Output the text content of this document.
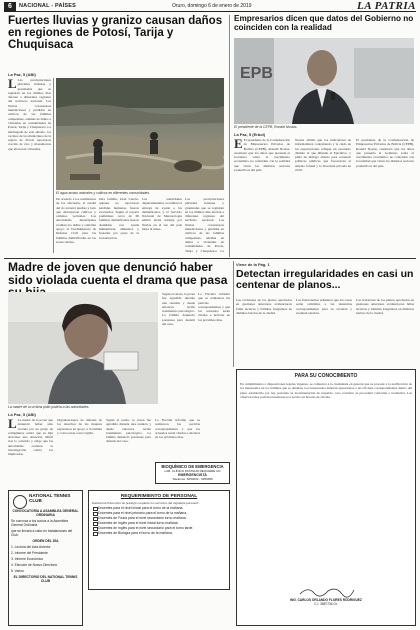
6	NACIONAL - PAÍSES	Oruro, domingo 6 de enero de 2019	LA PATRIA
Fuertes lluvias y granizo causan daños en regiones de Potosí, Tarija y Chuquisaca
La Paz, 5 (ABI)
L Las precipitaciones pluviales intensas y granizadas que se registran en los últimos días afectan a diferentes regiones del territorio nacional. Las lluvias ocasionaron inundaciones y pérdidas en cultivos de las familias campesinas, además de daños a viviendas en comunidades de Potosí, Tarija y Chuquisaca. La madrugada de este sábado, los vecinos de los municipios de la región de Potosí reportaron crecida de ríos y mazamorras que afectaron viviendas.
El agua arrasó animales y cultivos en diferentes comunidades.
De acuerdo a los testimonios de los afectados, el caudal del río arrastró piedras y lodo que destruyeron cultivos y caminos vecinales. Las autoridades municipales evalúan los daños y solicitan apoyo al Viceministerio de Defensa Civil para las familias damnificadas en las zonas rurales.
Otra familia, Juan Cancio, quienes no reportaron pérdidas humanas, fueron evacuados. Según el reporte preliminar, cerca de 60 familias damnificadas fueron atendidas con ayuda humanitaria, alimentos y frazadas por parte de la Gobernación.
Las autoridades departamentales coordinan la entrega de ayuda a los damnificados y el Servicio Nacional de Meteorología emitió alerta naranja por lluvias en el sur del país hasta el lunes.
Las precipitaciones pluviales intensas y granizadas que se registran en los últimos días afectan a diferentes regiones del territorio nacional. Las lluvias ocasionaron inundaciones y pérdidas en cultivos de las familias campesinas, además de daños a viviendas en comunidades de Potosí, Tarija y Chuquisaca. La
Empresarios dicen que datos del Gobierno no coinciden con la realidad
EPB
El presidente de la CEPB, Ronald Nostas.
La Paz, 5 (Erbol)
E El presidente de la Confederación de Empresarios Privados de Bolivia (CEPB), Ronald Nostas, cuestionó que los datos que presenta el Gobierno sobre el crecimiento económico no coinciden con la realidad que viven los distintos sectores productivos del país.
Nostas afirmó que los indicadores de informalidad, contrabando y la caída de las exportaciones reflejan un escenario distinto al que difunde el Ejecutivo, y pidió un diálogo abierto para construir políticas públicas que favorezcan el empleo formal y la inversión privada en 2019.
El presidente de la Confederación de Empresarios Privados de Bolivia (CEPB), Ronald Nostas, cuestionó que los datos que presenta el Gobierno sobre el crecimiento económico no coinciden con la realidad que viven los distintos sectores productivos del país.
Madre de joven que denunció haber sido violada cuenta el drama que pasa
La madre de la víctima pidió justicia a las autoridades.
Según el relato, la joven fue agredida durante una reunión y desde entonces recibe tratamiento psicológico. La familia denunció presiones para desistir del caso.
La Fiscalía informó que se realizaron las pericias correspondientes y que los acusados serán citados a declarar en los próximos días.
La Paz, 5 (ABI)
L La madre de la joven que denunció haber sido violada por un grupo de compañeros relató que su hija atraviesa una situación difícil tras lo ocurrido y exige que las autoridades aceleren la investigación contra los implicados.
Organizaciones de defensa de los derechos de las mujeres expresaron su apoyo a la familia y convocaron a una vigilia.
Según el relato, la joven fue agredida durante una reunión y desde entonces recibe tratamiento psicológico. La familia denunció presiones para desistir del caso.
La Fiscalía informó que se realizaron las pericias correspondientes y que los acusados serán citados a declarar en los próximos días.
BIOQUÍMICO DE EMERGENCIA
LAB. CLÍNICO PASTEUR REQUIERE UN
EMERGENCISTA
Telefonos: 5250200 - 5250056
Viene de la Pág. 1
Detectan irregularidades en casi un centenar de planos...
Las revisiones de los planos aprobados en gestiones anteriores evidenciaron fallas técnicas y trámites irregulares en distintos barrios de la ciudad.
Los funcionarios señalaron que los casos serán remitidos a las instancias correspondientes para su revisión y eventual sanción.
Las revisiones de los planos aprobados en gestiones anteriores evidenciaron fallas técnicas y trámites irregulares en distintos barrios de la ciudad.
PARA SU CONOCIMIENTO
En cumplimiento a disposiciones legales vigentes, se comunica a la ciudadanía en general que se procede a la notificación de los interesados en los trámites que se detallan. Los interesados deberán apersonarse a las oficinas correspondientes dentro del plazo establecido por ley, portando su documentación de respaldo, caso contrario se procederá conforme a normativa. Las observaciones podrán presentarse por escrito en horario de oficina.
ING. CARLOS ORLANDO FLORES RODRIGUEZ
C.I. 3587734 Or.
NATIONAL TENNIS CLUB
CONVOCATORIA A ASAMBLEA GENERAL ORDINARIA
Se convoca a los socios a la Asamblea General Ordinaria
que se llevará a cabo en instalaciones del Club.
ORDEN DEL DÍA
1. Lectura del Acta Anterior
2. Informe del Presidente
3. Informe Económico
4. Elección de Nuevo Directorio
5. Varios
EL DIRECTORIO DEL NATIONAL TENNIS CLUB
REQUERIMIENTO DE PERSONAL
Institución Educativa de prestigio requiere los servicios del siguiente personal:
Docentes para el nivel inicial para el turno de la mañana.
Docentes para el nivel primario para el turno de la mañana.
Docentes de Física para el nivel secundario turno mañana.
Docentes de Inglés para el nivel inicial turno mañana.
Docentes de Inglés para el nivel secundario para el turno tarde.
Docentes de Biología para el turno de la mañana.
